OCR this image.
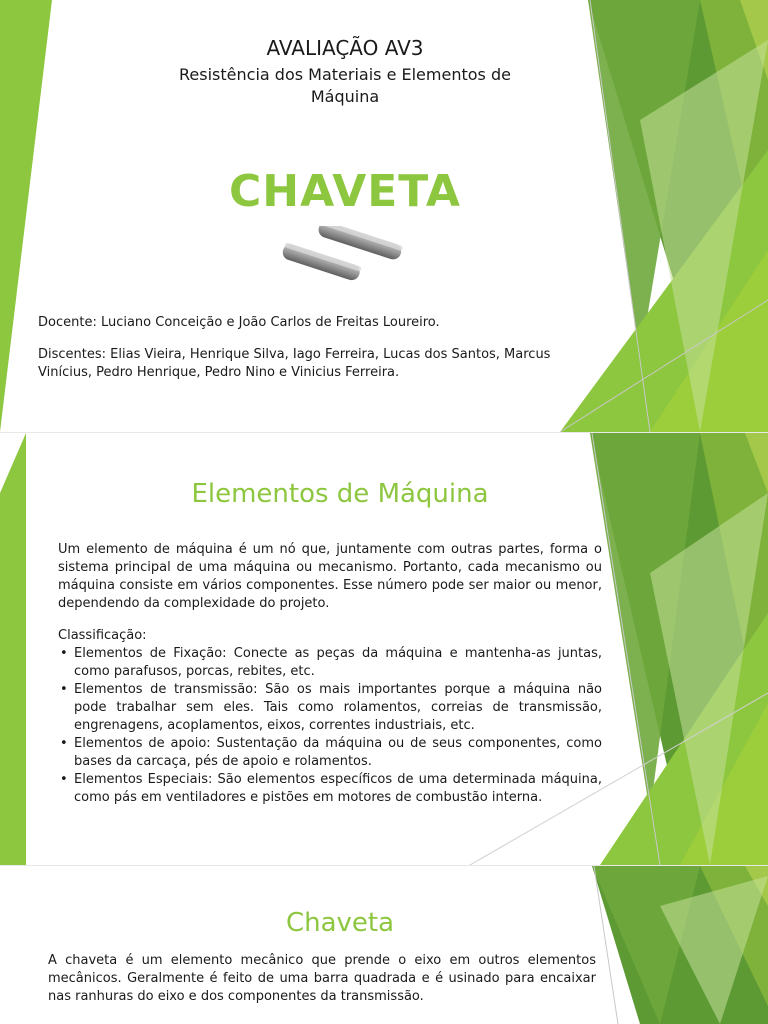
AVALIAÇÃO AV3
Resistência dos Materiais e Elementos de
Máquina
CHAVETA
Docente: Luciano Conceição e João Carlos de Freitas Loureiro.
Discentes: Elias Vieira, Henrique Silva, Iago Ferreira, Lucas dos Santos, Marcus
Vinícius, Pedro Henrique, Pedro Nino e Vinicius Ferreira.
Elementos de Máquina

Um elemento de máquina é um nó que, juntamente com outras partes, forma o sistema principal de uma máquina ou mecanismo. Portanto, cada mecanismo ou máquina consiste em vários componentes. Esse número pode ser maior ou menor, dependendo da complexidade do projeto.

Classificação:
• Elementos de Fixação: Conecte as peças da máquina e mantenha-as juntas, como parafusos, porcas, rebites, etc.
• Elementos de transmissão: São os mais importantes porque a máquina não pode trabalhar sem eles. Tais como rolamentos, correias de transmissão, engrenagens, acoplamentos, eixos, correntes industriais, etc.
• Elementos de apoio: Sustentação da máquina ou de seus componentes, como bases da carcaça, pés de apoio e rolamentos.
• Elementos Especiais: São elementos específicos de uma determinada máquina, como pás em ventiladores e pistões em motores de combustão interna.
Chaveta
A chaveta é um elemento mecânico que prende o eixo em outros elementos mecânicos. Geralmente é feito de uma barra quadrada e é usinado para encaixar nas ranhuras do eixo e dos componentes da transmissão.
